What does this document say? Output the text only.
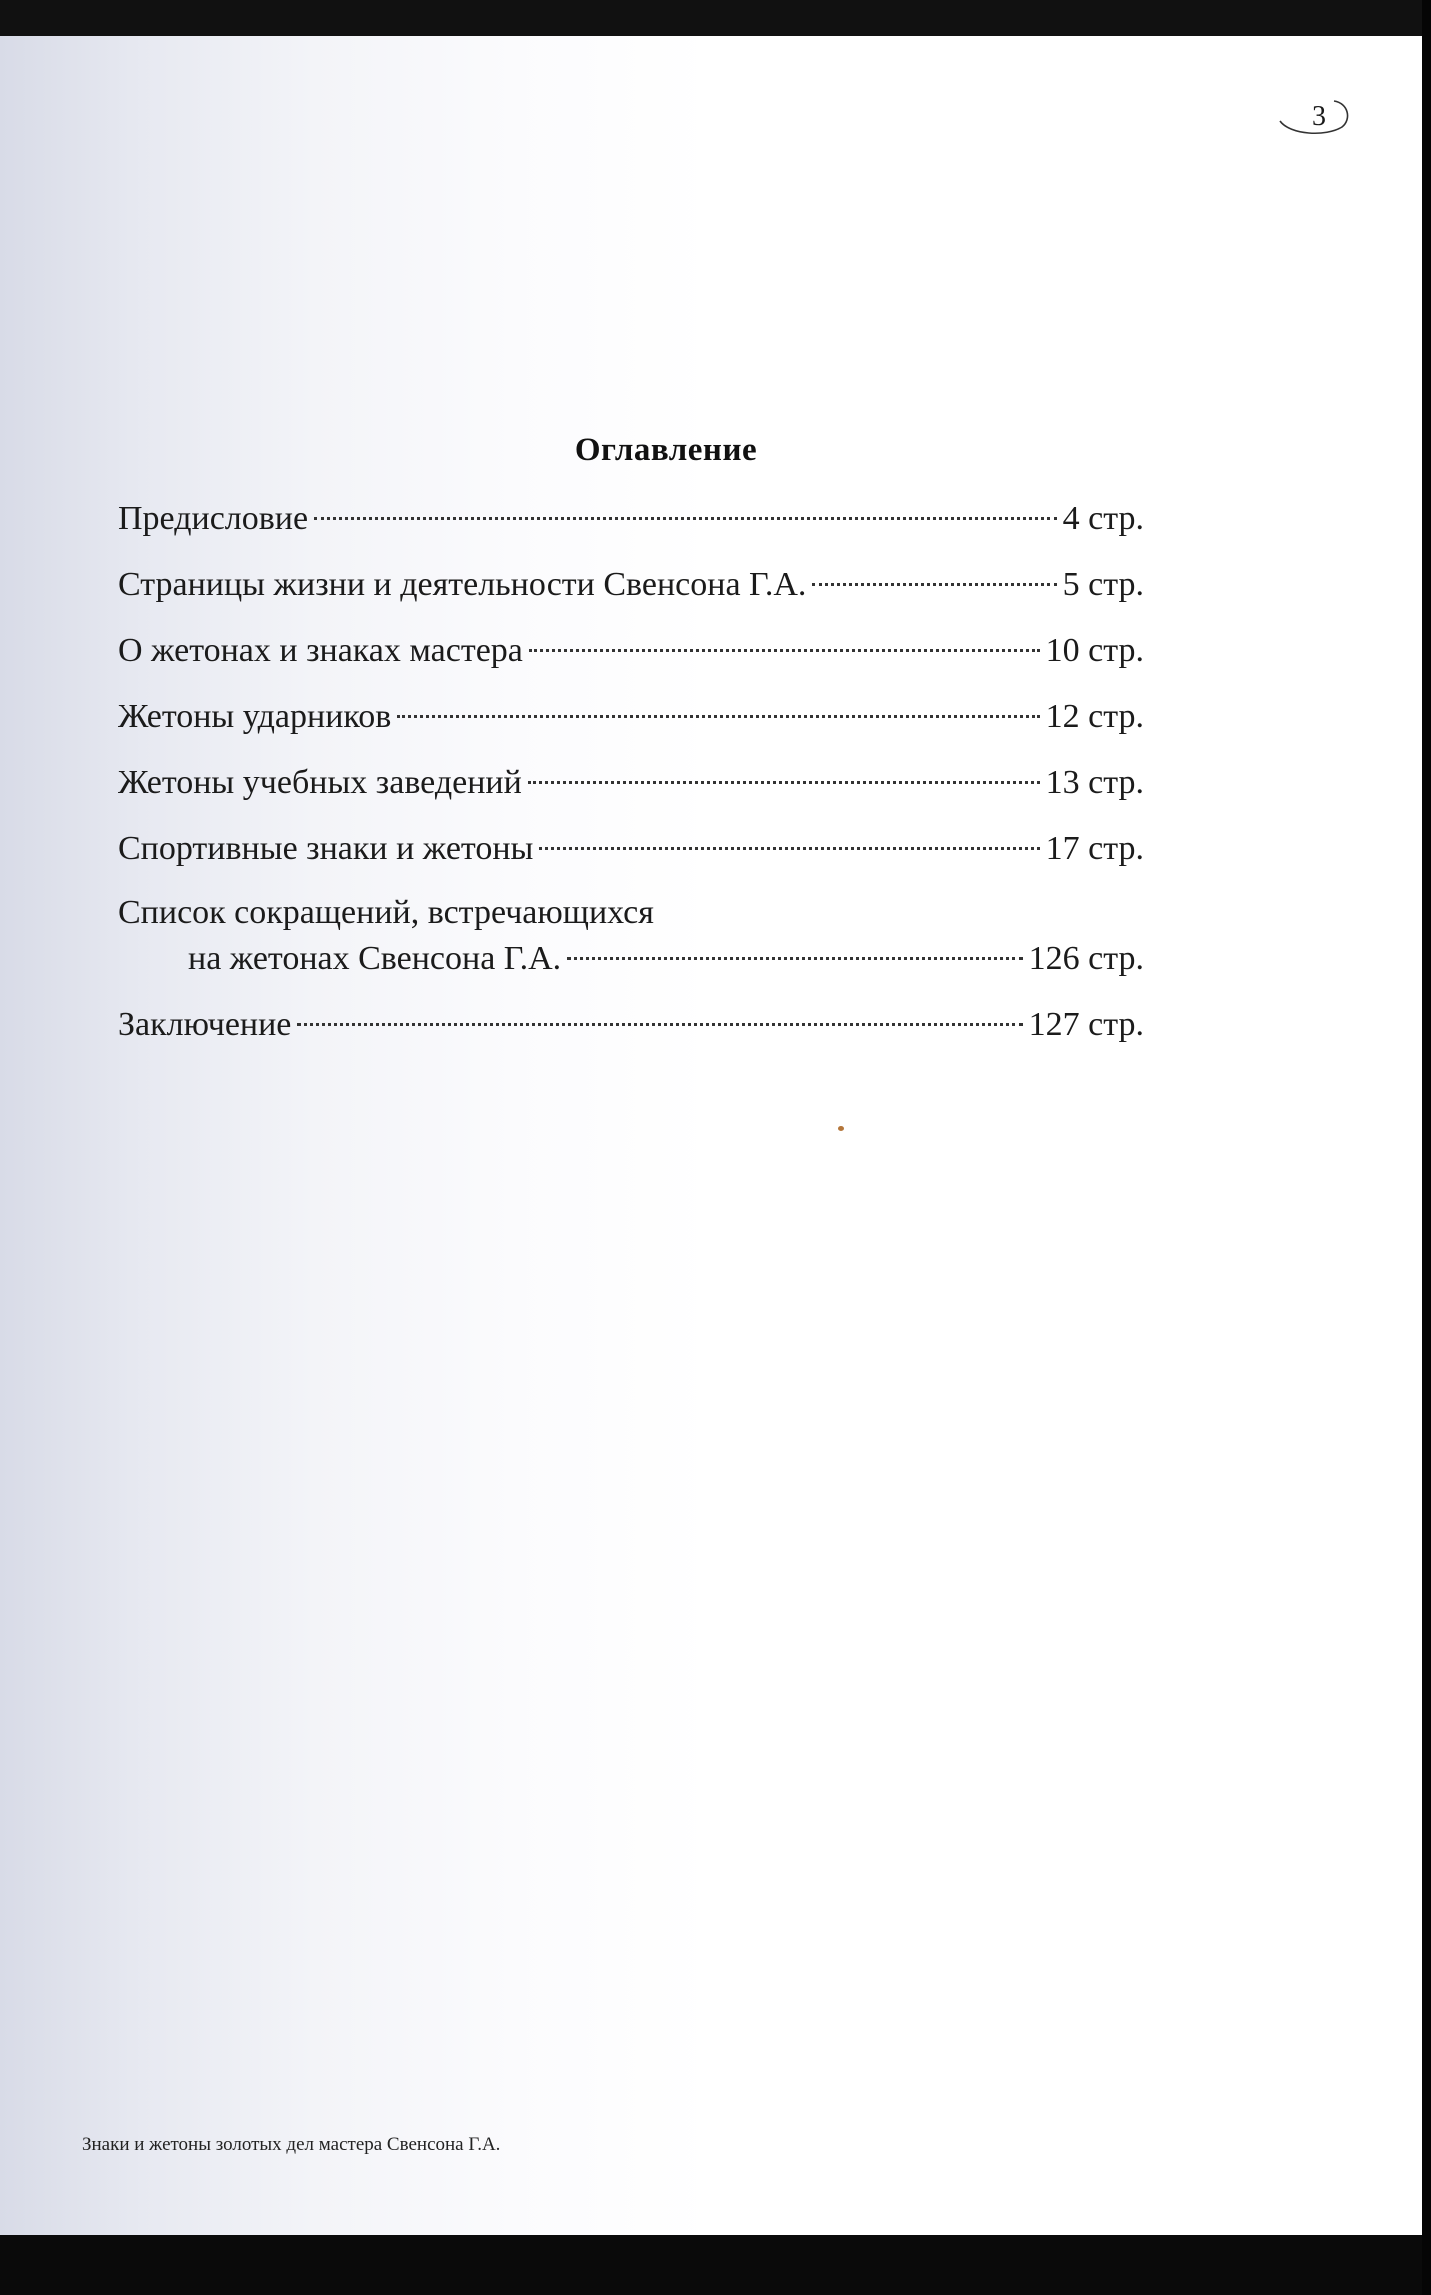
3
Оглавление
Предисловие	4 стр.
Страницы жизни и деятельности Свенсона Г.А.	5 стр.
О жетонах и знаках мастера	10 стр.
Жетоны ударников	12 стр.
Жетоны учебных заведений	13 стр.
Спортивные знаки и жетоны	17 стр.
Список сокращений, встречающихся
на жетонах Свенсона Г.А.	126 стр.
Заключение	127 стр.
Знаки и жетоны золотых дел мастера Свенсона Г.А.
